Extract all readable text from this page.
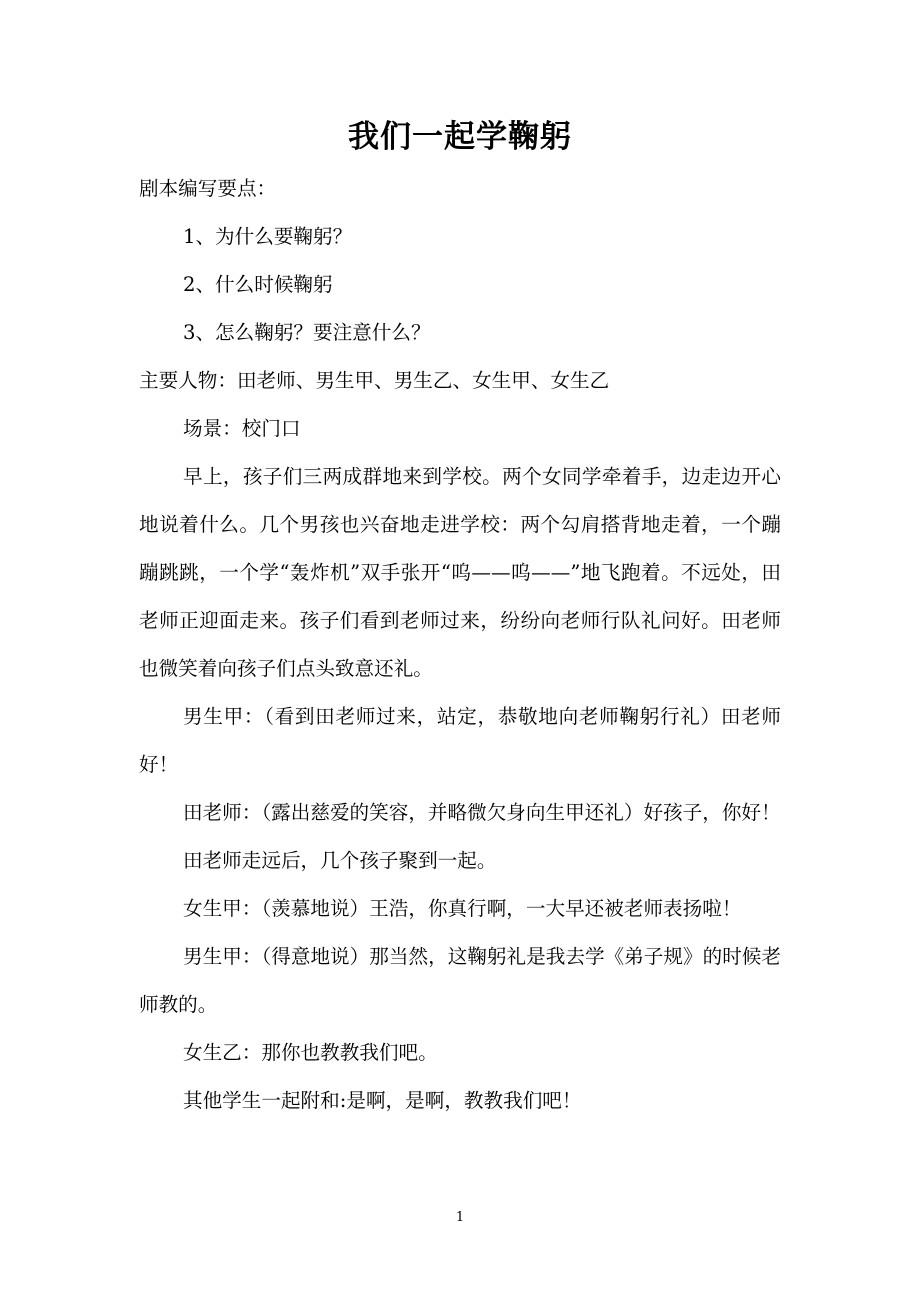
我们一起学鞠躬

剧本编写要点：

1、为什么要鞠躬？

2、什么时候鞠躬

3、怎么鞠躬？要注意什么？

主要人物：田老师、男生甲、男生乙、女生甲、女生乙

场景：校门口

早上，孩子们三两成群地来到学校。两个女同学牵着手，边走边开心地说着什么。几个男孩也兴奋地走进学校：两个勾肩搭背地走着，一个蹦蹦跳跳，一个学“轰炸机”双手张开“呜——呜——”地飞跑着。不远处，田老师正迎面走来。孩子们看到老师过来，纷纷向老师行队礼问好。田老师也微笑着向孩子们点头致意还礼。

男生甲：（看到田老师过来，站定，恭敬地向老师鞠躬行礼）田老师好！

田老师：（露出慈爱的笑容，并略微欠身向生甲还礼）好孩子，你好！

田老师走远后，几个孩子聚到一起。

女生甲：（羡慕地说）王浩，你真行啊，一大早还被老师表扬啦！

男生甲：（得意地说）那当然，这鞠躬礼是我去学《弟子规》的时候老师教的。

女生乙：那你也教教我们吧。

其他学生一起附和:是啊，是啊，教教我们吧！

1
